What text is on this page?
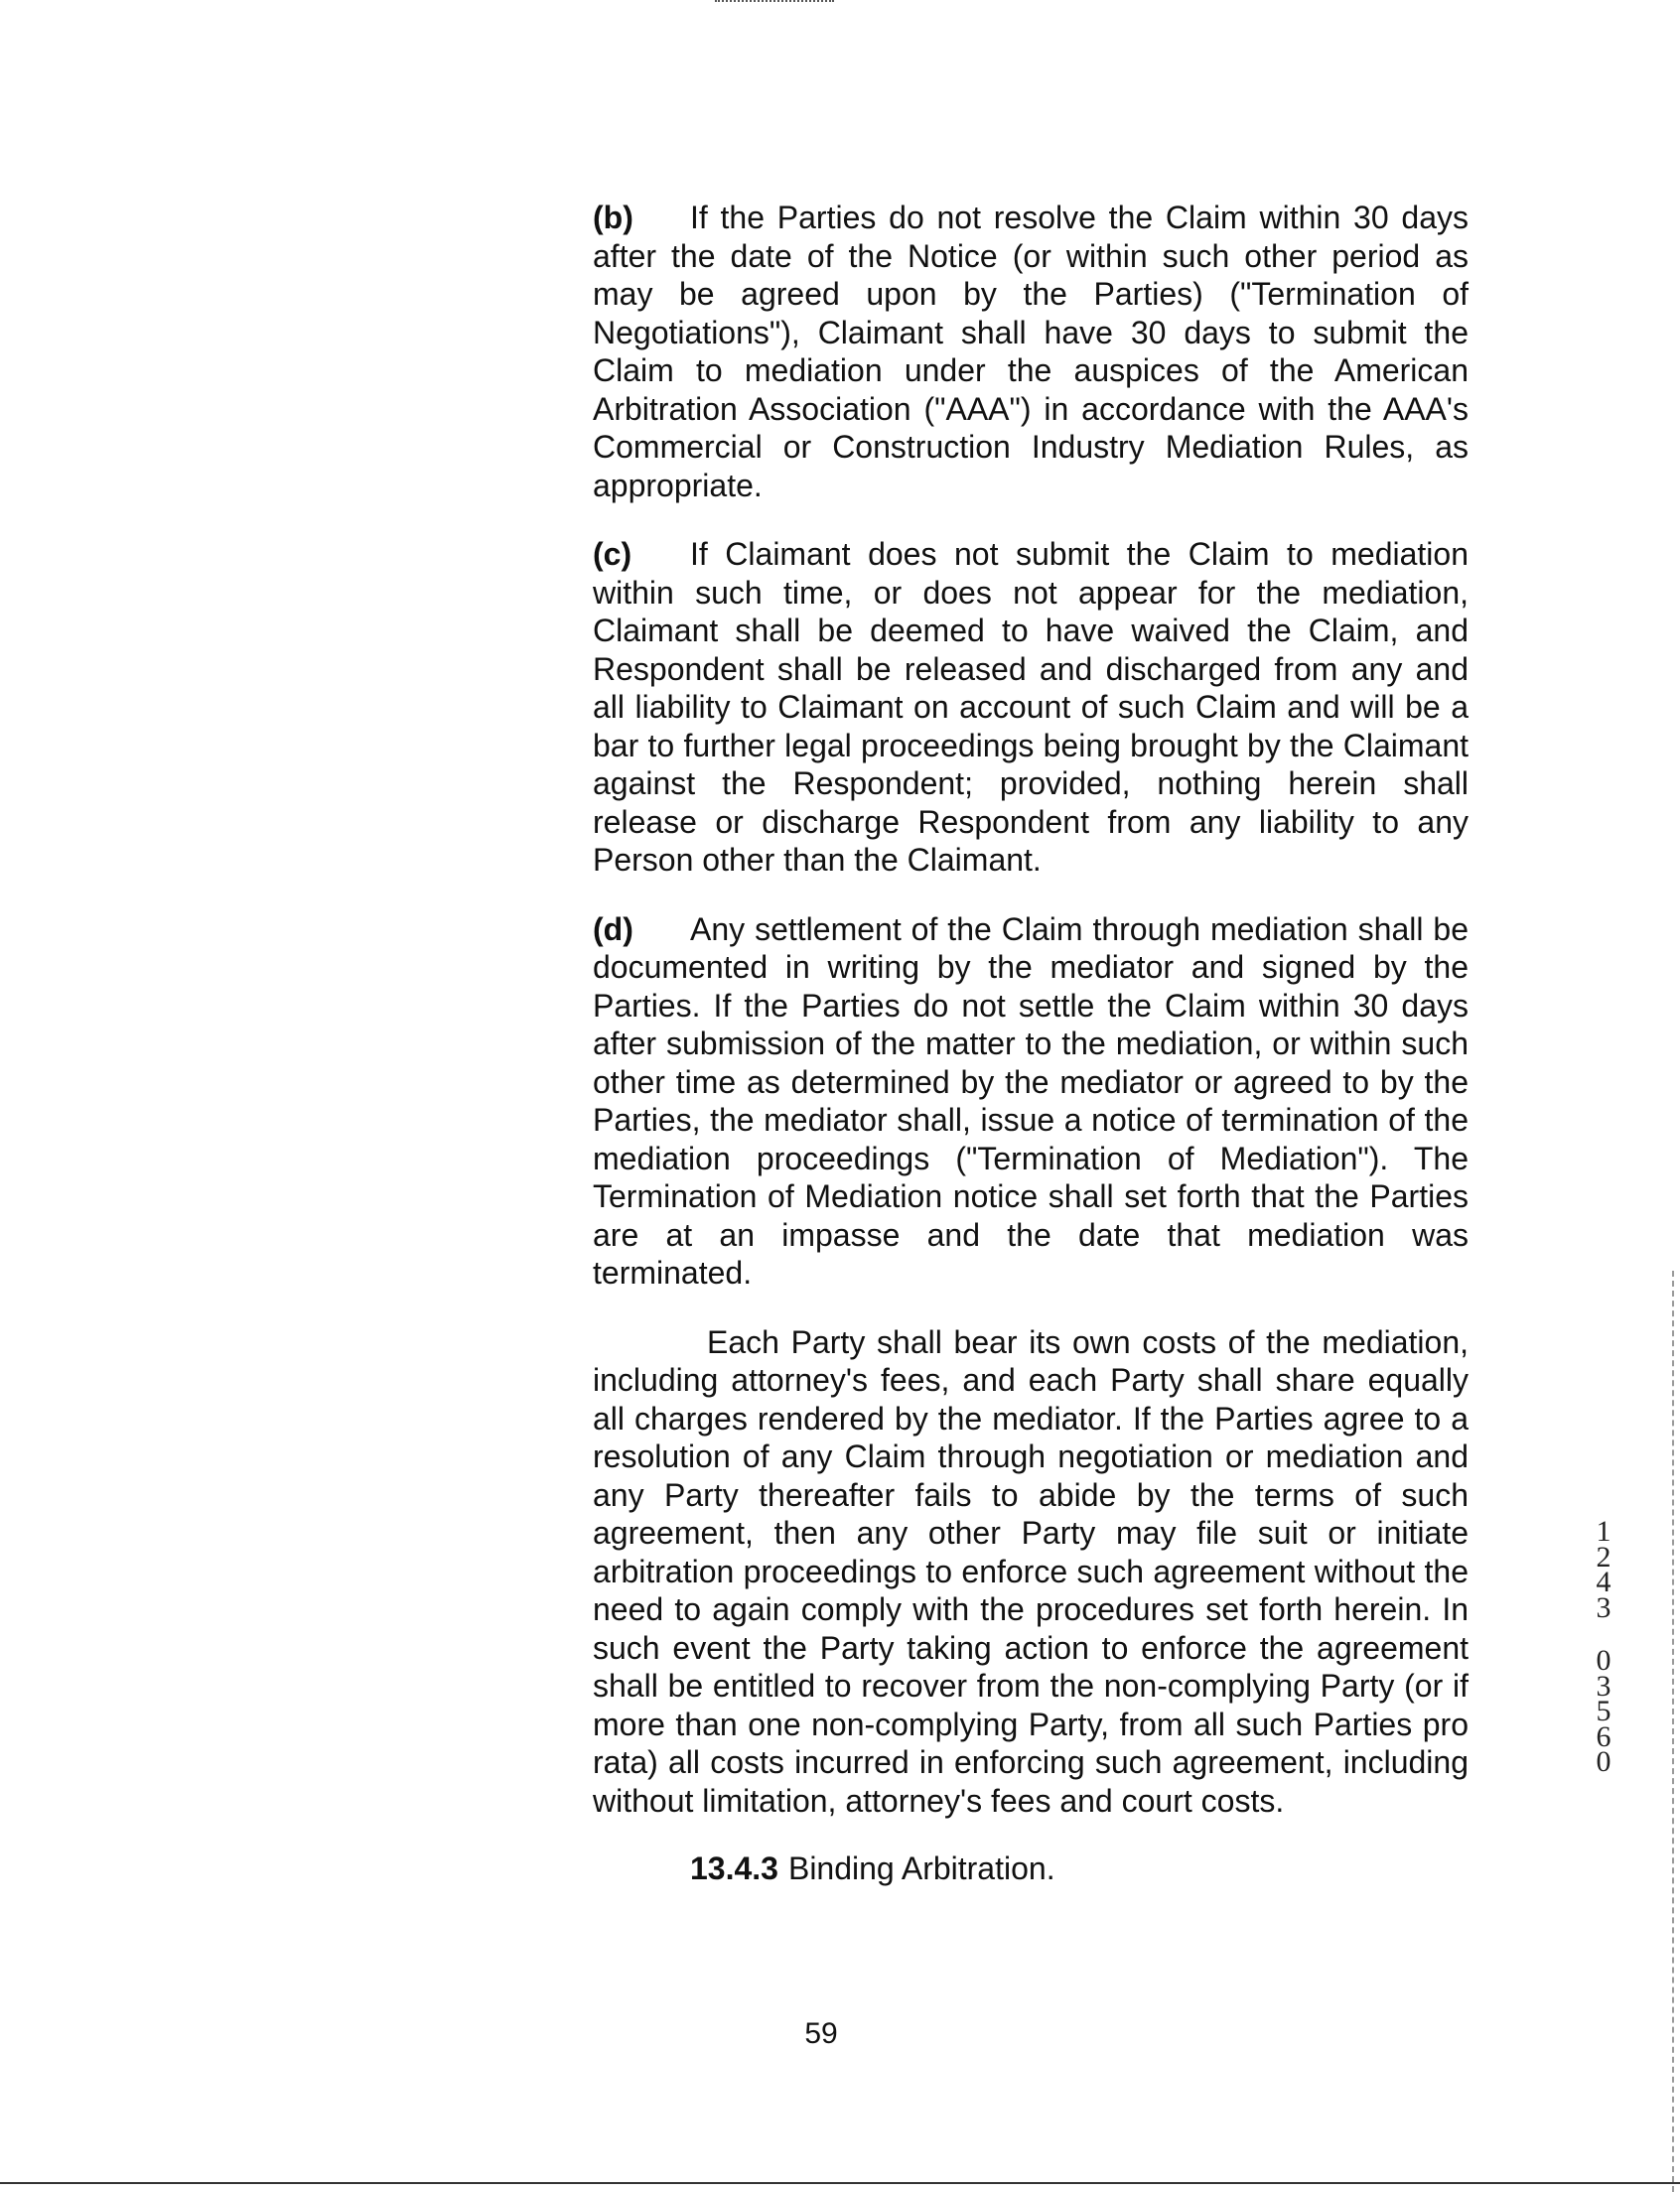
(b) If the Parties do not resolve the Claim within 30 days after the date of the Notice (or within such other period as may be agreed upon by the Parties) ("Termination of Negotiations"), Claimant shall have 30 days to submit the Claim to mediation under the auspices of the American Arbitration Association ("AAA") in accordance with the AAA's Commercial or Construction Industry Mediation Rules, as appropriate.

(c) If Claimant does not submit the Claim to mediation within such time, or does not appear for the mediation, Claimant shall be deemed to have waived the Claim, and Respondent shall be released and discharged from any and all liability to Claimant on account of such Claim and will be a bar to further legal proceedings being brought by the Claimant against the Respondent; provided, nothing herein shall release or discharge Respondent from any liability to any Person other than the Claimant.

(d) Any settlement of the Claim through mediation shall be documented in writing by the mediator and signed by the Parties. If the Parties do not settle the Claim within 30 days after submission of the matter to the mediation, or within such other time as determined by the mediator or agreed to by the Parties, the mediator shall, issue a notice of termination of the mediation proceedings ("Termination of Mediation"). The Termination of Mediation notice shall set forth that the Parties are at an impasse and the date that mediation was terminated.

Each Party shall bear its own costs of the mediation, including attorney's fees, and each Party shall share equally all charges rendered by the mediator. If the Parties agree to a resolution of any Claim through negotiation or mediation and any Party thereafter fails to abide by the terms of such agreement, then any other Party may file suit or initiate arbitration proceedings to enforce such agreement without the need to again comply with the procedures set forth herein. In such event the Party taking action to enforce the agreement shall be entitled to recover from the non-complying Party (or if more than one non-complying Party, from all such Parties pro rata) all costs incurred in enforcing such agreement, including without limitation, attorney's fees and court costs.

13.4.3 Binding Arbitration.

59
1
2
4
3
0
3
5
6
0
